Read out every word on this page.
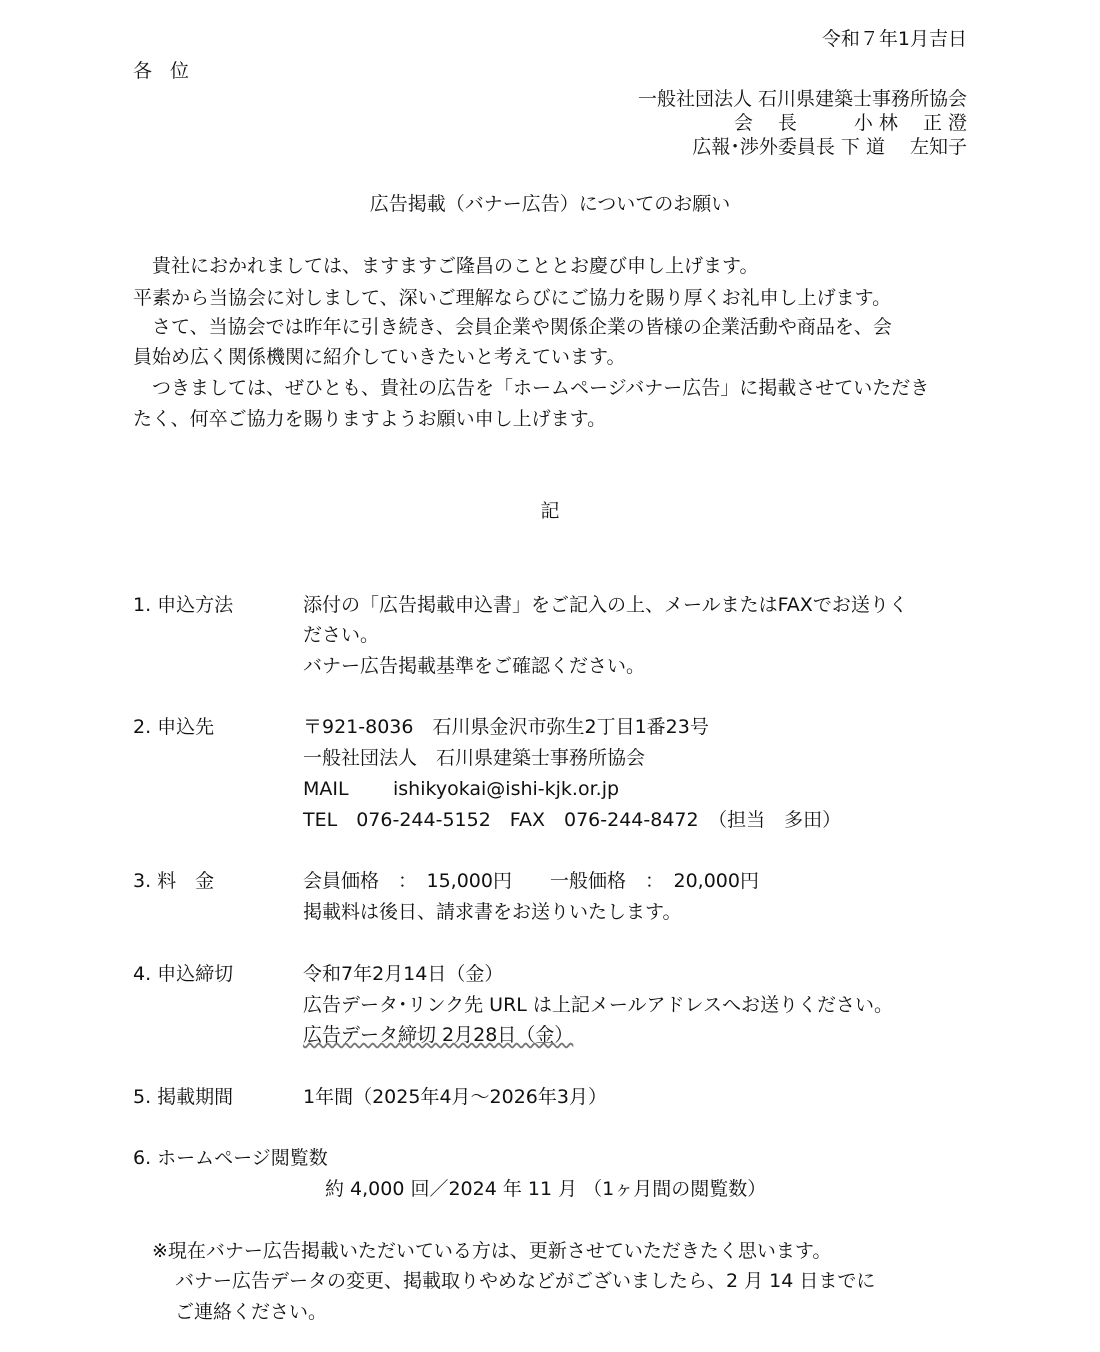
令和７年1月吉日
各 位
一般社団法人 石川県建築士事務所協会
会　 長　　　小 林　 正 澄
広報･渉外委員長 下 道　 左知子
広告掲載（バナー広告）についてのお願い
　貴社におかれましては、ますますご隆昌のこととお慶び申し上げます。
平素から当協会に対しまして、深いご理解ならびにご協力を賜り厚くお礼申し上げます。
　さて、当協会では昨年に引き続き、会員企業や関係企業の皆様の企業活動や商品を、会
員始め広く関係機関に紹介していきたいと考えています。
　つきましては、ぜひとも、貴社の広告を「ホームページバナー広告」に掲載させていただき
たく、何卒ご協力を賜りますようお願い申し上げます。
記
1. 申込方法	添付の「広告掲載申込書」をご記入の上、メールまたはFAXでお送りく
ださい。
バナー広告掲載基準をご確認ください。
2. 申込先	〒921-8036　石川県金沢市弥生2丁目1番23号
一般社団法人　石川県建築士事務所協会
MAIL ishikyokai@ishi-kjk.or.jp
TEL　076-244-5152　FAX　076-244-8472　（担当　多田）
3. 料　金	会員価格　：　15,000円　　一般価格　：　20,000円
掲載料は後日、請求書をお送りいたします。
4. 申込締切	令和7年2月14日（金）
広告データ･リンク先 URL は上記メールアドレスへお送りください。
広告データ締切 2月28日（金）
5. 掲載期間	1年間（2025年4月～2026年3月）
6. ホームページ閲覧数
約 4,000 回／2024 年 11 月 （1ヶ月間の閲覧数）
※現在バナー広告掲載いただいている方は、更新させていただきたく思います。
バナー広告データの変更、掲載取りやめなどがございましたら、2 月 14 日までに
ご連絡ください。
